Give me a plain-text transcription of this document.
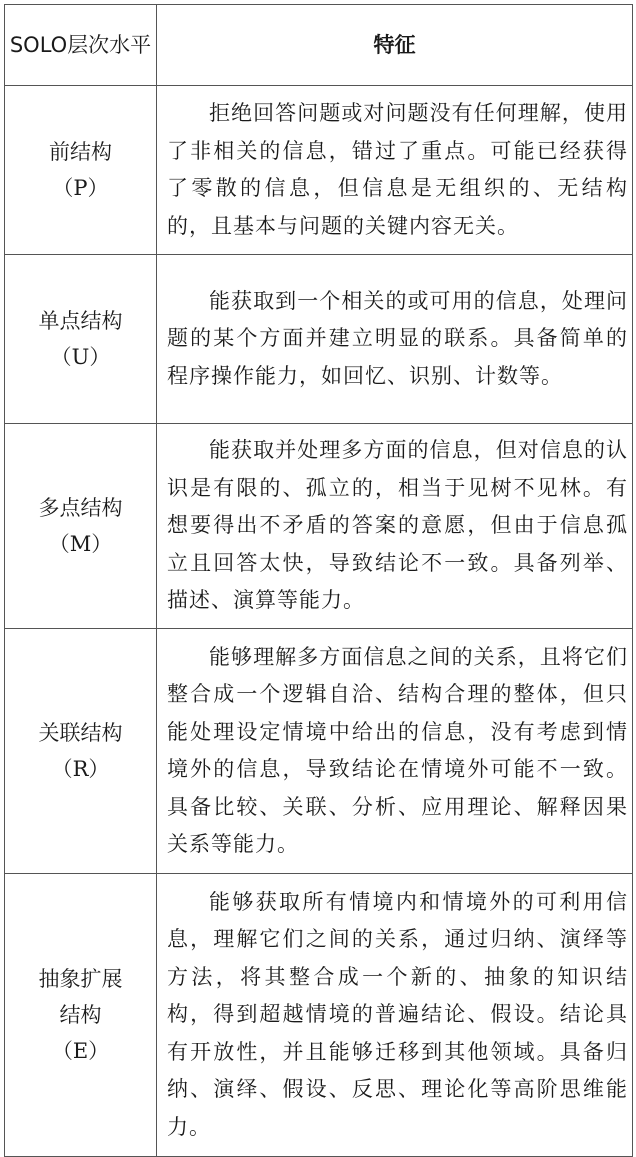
SOLO层次水平	特征

前结构
（P）	拒绝回答问题或对问题没有任何理解，使用了非相关的信息，错过了重点。可能已经获得了零散的信息，但信息是无组织的、无结构的，且基本与问题的关键内容无关。

单点结构
（U）	能获取到一个相关的或可用的信息，处理问题的某个方面并建立明显的联系。具备简单的程序操作能力，如回忆、识别、计数等。

多点结构
（M）	能获取并处理多方面的信息，但对信息的认识是有限的、孤立的，相当于见树不见林。有想要得出不矛盾的答案的意愿，但由于信息孤立且回答太快，导致结论不一致。具备列举、描述、演算等能力。

关联结构
（R）	能够理解多方面信息之间的关系，且将它们整合成一个逻辑自洽、结构合理的整体，但只能处理设定情境中给出的信息，没有考虑到情境外的信息，导致结论在情境外可能不一致。具备比较、关联、分析、应用理论、解释因果关系等能力。

抽象扩展
结构
（E）	能够获取所有情境内和情境外的可利用信息，理解它们之间的关系，通过归纳、演绎等方法，将其整合成一个新的、抽象的知识结构，得到超越情境的普遍结论、假设。结论具有开放性，并且能够迁移到其他领域。具备归纳、演绎、假设、反思、理论化等高阶思维能力。
